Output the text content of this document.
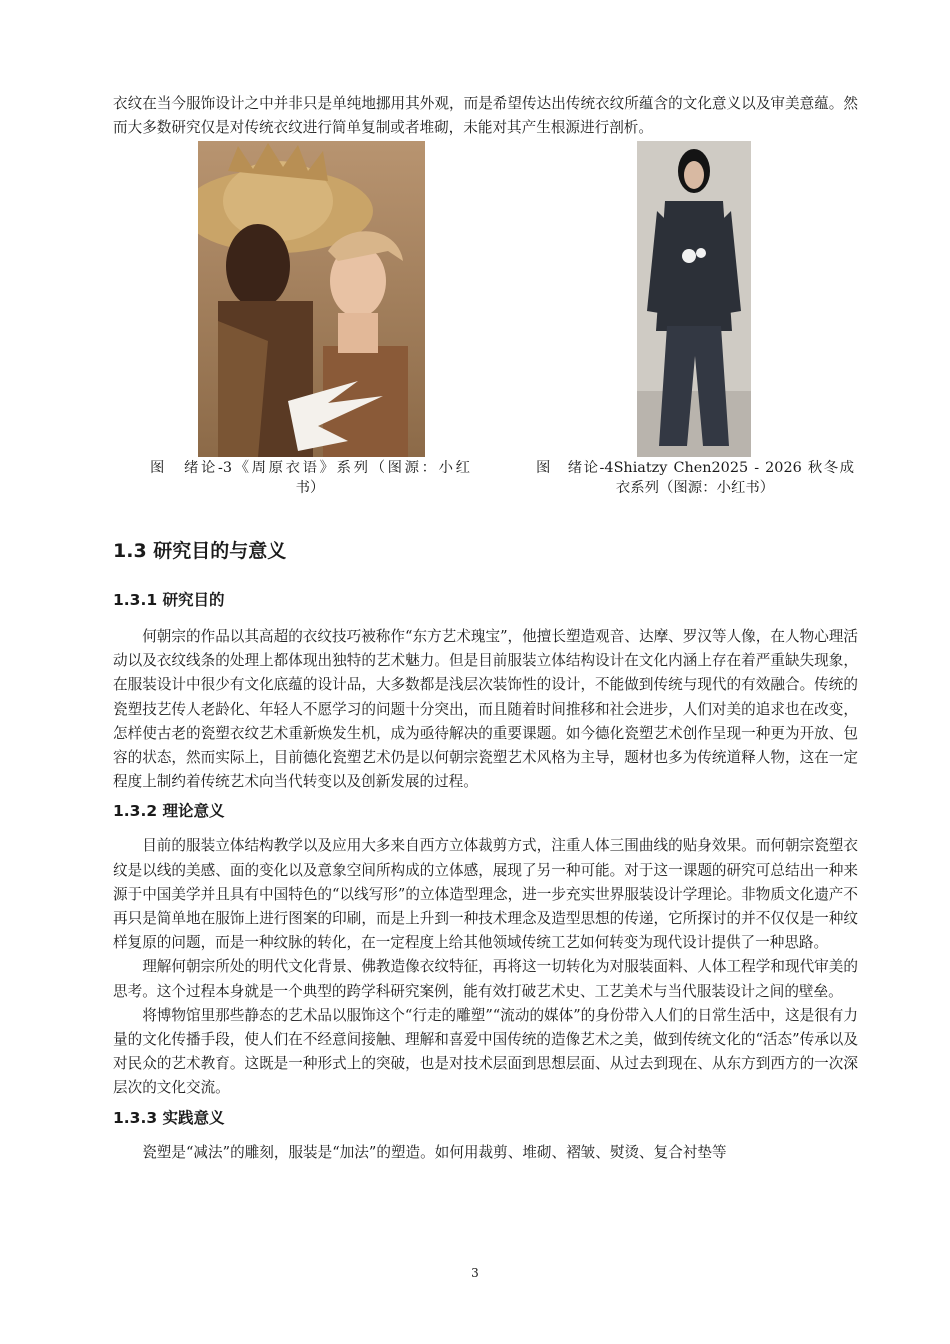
衣纹在当今服饰设计之中并非只是单纯地挪用其外观，而是希望传达出传统衣纹所蕴含的文化意义以及审美意蕴。然而大多数研究仅是对传统衣纹进行简单复制或者堆砌，未能对其产生根源进行剖析。

图　绪论-3《周原衣语》系列（图源：小红
书）
图　绪论-4Shiatzy Chen2025 - 2026 秋冬成
衣系列（图源：小红书）
1.3 研究目的与意义
1.3.1 研究目的

何朝宗的作品以其高超的衣纹技巧被称作“东方艺术瑰宝”，他擅长塑造观音、达摩、罗汉等人像，在人物心理活动以及衣纹线条的处理上都体现出独特的艺术魅力。但是目前服装立体结构设计在文化内涵上存在着严重缺失现象，在服装设计中很少有文化底蕴的设计品，大多数都是浅层次装饰性的设计，不能做到传统与现代的有效融合。传统的瓷塑技艺传人老龄化、年轻人不愿学习的问题十分突出，而且随着时间推移和社会进步，人们对美的追求也在改变，怎样使古老的瓷塑衣纹艺术重新焕发生机，成为亟待解决的重要课题。如今德化瓷塑艺术创作呈现一种更为开放、包容的状态，然而实际上，目前德化瓷塑艺术仍是以何朝宗瓷塑艺术风格为主导，题材也多为传统道释人物，这在一定程度上制约着传统艺术向当代转变以及创新发展的过程。

1.3.2 理论意义

目前的服装立体结构教学以及应用大多来自西方立体裁剪方式，注重人体三围曲线的贴身效果。而何朝宗瓷塑衣纹是以线的美感、面的变化以及意象空间所构成的立体感，展现了另一种可能。对于这一课题的研究可总结出一种来源于中国美学并且具有中国特色的“以线写形”的立体造型理念，进一步充实世界服装设计学理论。非物质文化遗产不再只是简单地在服饰上进行图案的印刷，而是上升到一种技术理念及造型思想的传递，它所探讨的并不仅仅是一种纹样复原的问题，而是一种纹脉的转化，在一定程度上给其他领域传统工艺如何转变为现代设计提供了一种思路。

理解何朝宗所处的明代文化背景、佛教造像衣纹特征，再将这一切转化为对服装面料、人体工程学和现代审美的思考。这个过程本身就是一个典型的跨学科研究案例，能有效打破艺术史、工艺美术与当代服装设计之间的壁垒。

将博物馆里那些静态的艺术品以服饰这个“行走的雕塑”“流动的媒体”的身份带入人们的日常生活中，这是很有力量的文化传播手段，使人们在不经意间接触、理解和喜爱中国传统的造像艺术之美，做到传统文化的“活态”传承以及对民众的艺术教育。这既是一种形式上的突破，也是对技术层面到思想层面、从过去到现在、从东方到西方的一次深层次的文化交流。

1.3.3 实践意义

瓷塑是“减法”的雕刻，服装是“加法”的塑造。如何用裁剪、堆砌、褶皱、熨烫、复合衬垫等

3
